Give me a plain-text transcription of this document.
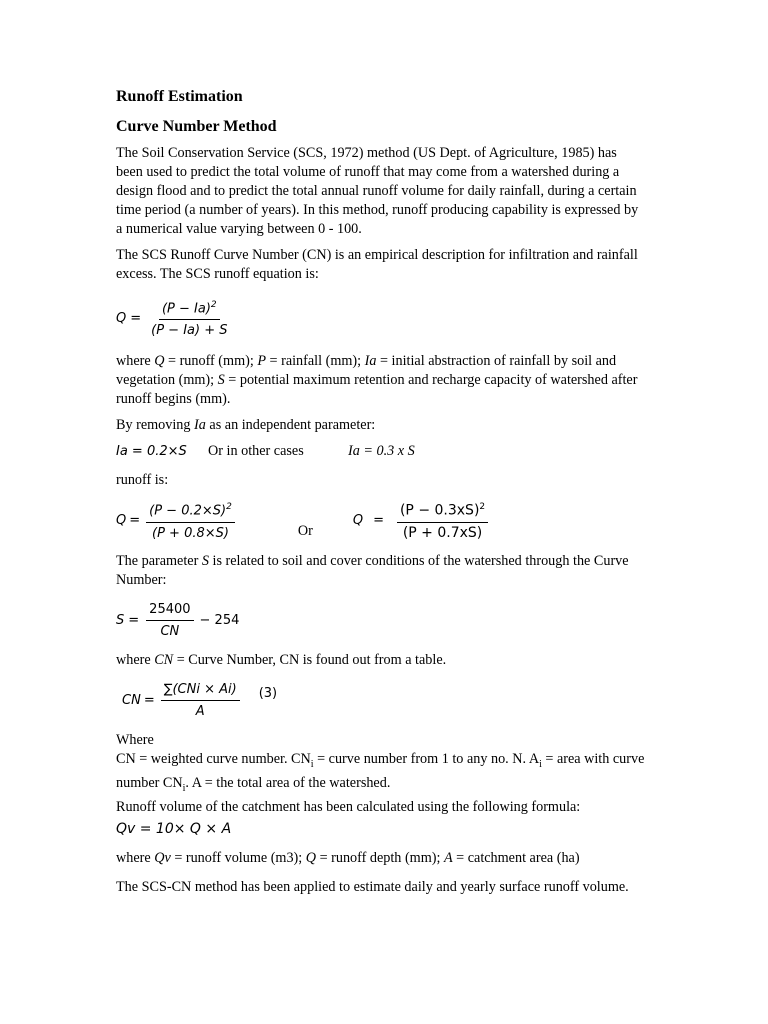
Runoff Estimation
Curve Number Method

The Soil Conservation Service (SCS, 1972) method (US Dept. of Agriculture, 1985) has been used to predict the total volume of runoff that may come from a watershed during a design flood and to predict the total annual runoff volume for daily rainfall, during a certain time period (a number of years). In this method, runoff producing capability is expressed by a numerical value varying between 0 - 100.

The SCS Runoff Curve Number (CN) is an empirical description for infiltration and rainfall excess. The SCS runoff equation is:

$Q = \frac{(P - Ia)^2}{(P - Ia) + S}$

where Q = runoff (mm); P = rainfall (mm); Ia = initial abstraction of rainfall by soil and vegetation (mm); S = potential maximum retention and recharge capacity of watershed after runoff begins (mm).

By removing Ia as an independent parameter:

Ia = 0.2×S	Or in other cases	Ia = 0.3 x S

runoff is:

$Q = \frac{(P - 0.2\times S)^2}{(P + 0.8\times S)}$	Or
$Q = \frac{(P - 0.3xS)^2}{(P + 0.7xS)}$

The parameter S is related to soil and cover conditions of the watershed through the Curve Number:

$S = \frac{25400}{CN} - 254$

where CN = Curve Number, CN is found out from a table.

CN = $\frac{\text{∑(CNi × Ai)}}{A} (3)$

Where

CN = weighted curve number. $CN_i$ = curve number from 1 to any no. N. $A_i$ = area with curve number $CN_i$. A = the total area of the watershed.

Runoff volume of the catchment has been calculated using the following formula:

Qv = 10× Q × A

where Qv = runoff volume (m3); Q = runoff depth (mm); A = catchment area (ha)

The SCS-CN method has been applied to estimate daily and yearly surface runoff volume.
